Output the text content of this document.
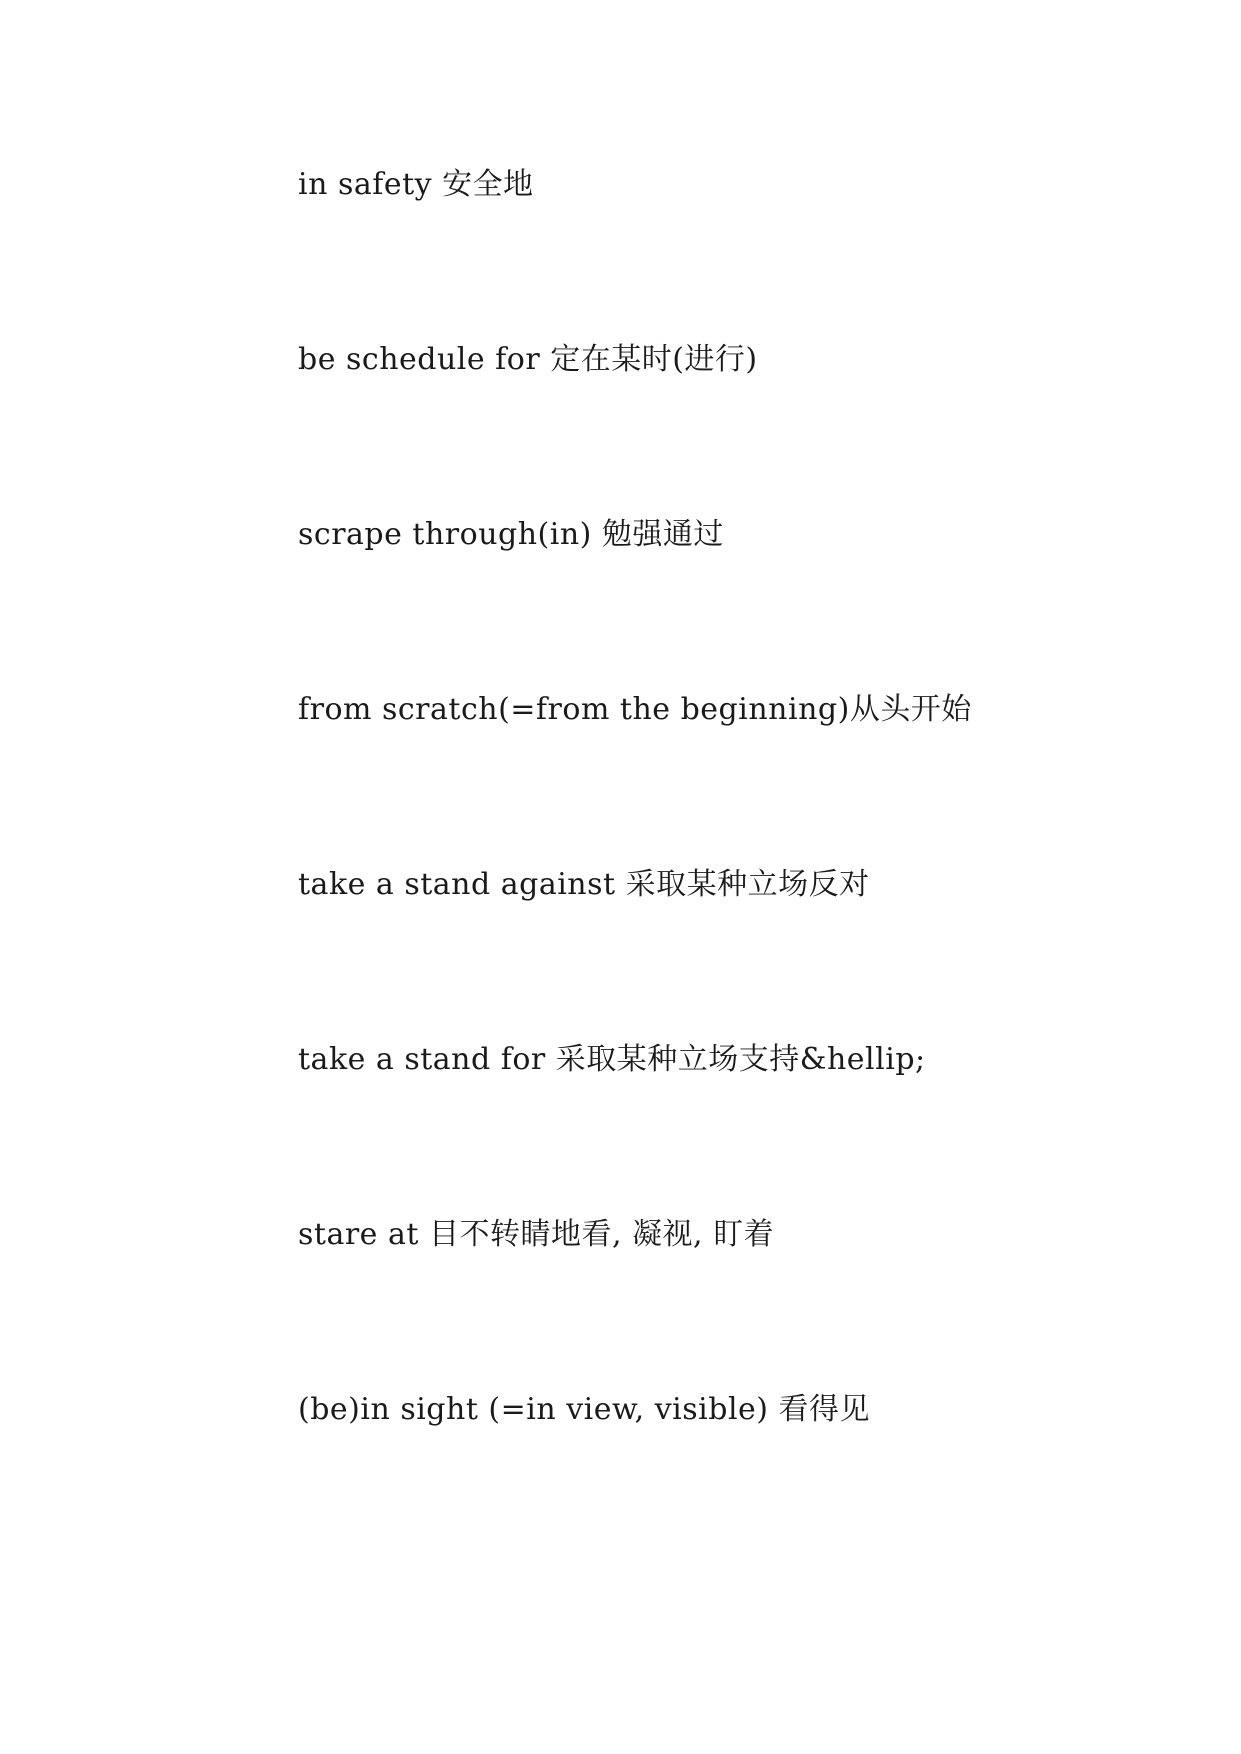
in safety 安全地
be schedule for 定在某时(进行)
scrape through(in) 勉强通过
from scratch(=from the beginning)从头开始
take a stand against 采取某种立场反对
take a stand for 采取某种立场支持&hellip;
stare at 目不转睛地看, 凝视, 盯着
(be)in sight (=in view, visible) 看得见
